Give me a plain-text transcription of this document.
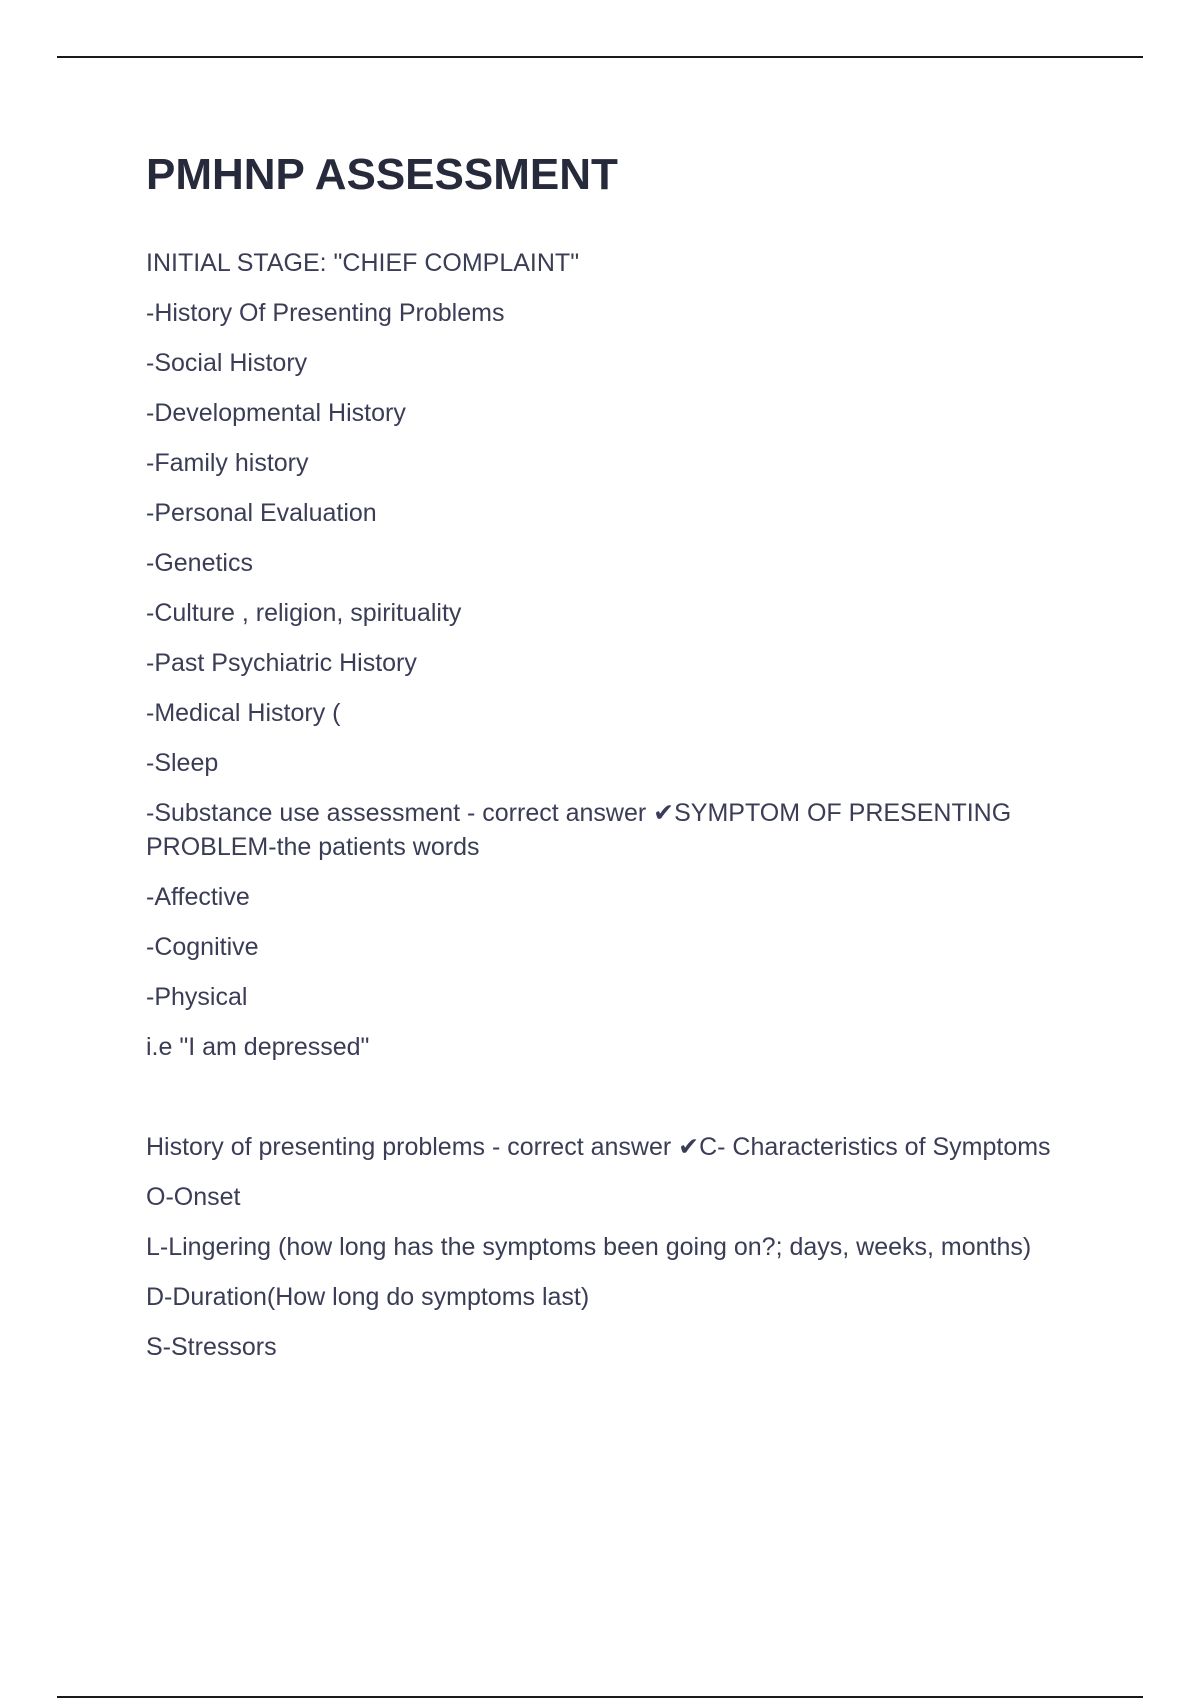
PMHNP ASSESSMENT

INITIAL STAGE: "CHIEF COMPLAINT"

-History Of Presenting Problems

-Social History

-Developmental History

-Family history

-Personal Evaluation

-Genetics

-Culture , religion, spirituality

-Past Psychiatric History

-Medical History (

-Sleep

-Substance use assessment - correct answer ✔SYMPTOM OF PRESENTING PROBLEM-the patients words

-Affective

-Cognitive

-Physical

i.e "I am depressed"

History of presenting problems - correct answer ✔C- Characteristics of Symptoms

O-Onset

L-Lingering (how long has the symptoms been going on?; days, weeks, months)

D-Duration(How long do symptoms last)

S-Stressors
